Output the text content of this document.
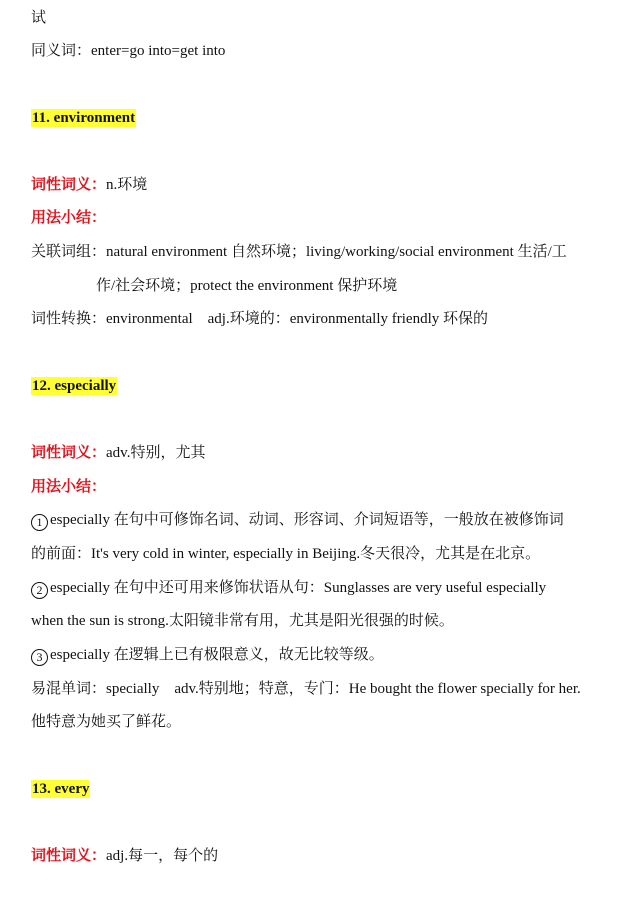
试
同义词：enter=go into=get into
11. environment
词性词义：n.环境
用法小结：
关联词组：natural environment 自然环境；living/working/social environment 生活/工
作/社会环境；protect the environment 保护环境
词性转换：environmental    adj.环境的：environmentally friendly 环保的
12. especially
词性词义：adv.特别，尤其
用法小结：
1 especially 在句中可修饰名词、动词、形容词、介词短语等，一般放在被修饰词
的前面：It's very cold in winter, especially in Beijing.冬天很冷，尤其是在北京。
2 especially 在句中还可用来修饰状语从句：Sunglasses are very useful especially
when the sun is strong.太阳镜非常有用，尤其是阳光很强的时候。
3 especially 在逻辑上已有极限意义，故无比较等级。
易混单词：specially    adv.特别地；特意，专门：He bought the flower specially for her.
他特意为她买了鲜花。
13. every
词性词义：adj.每一，每个的
